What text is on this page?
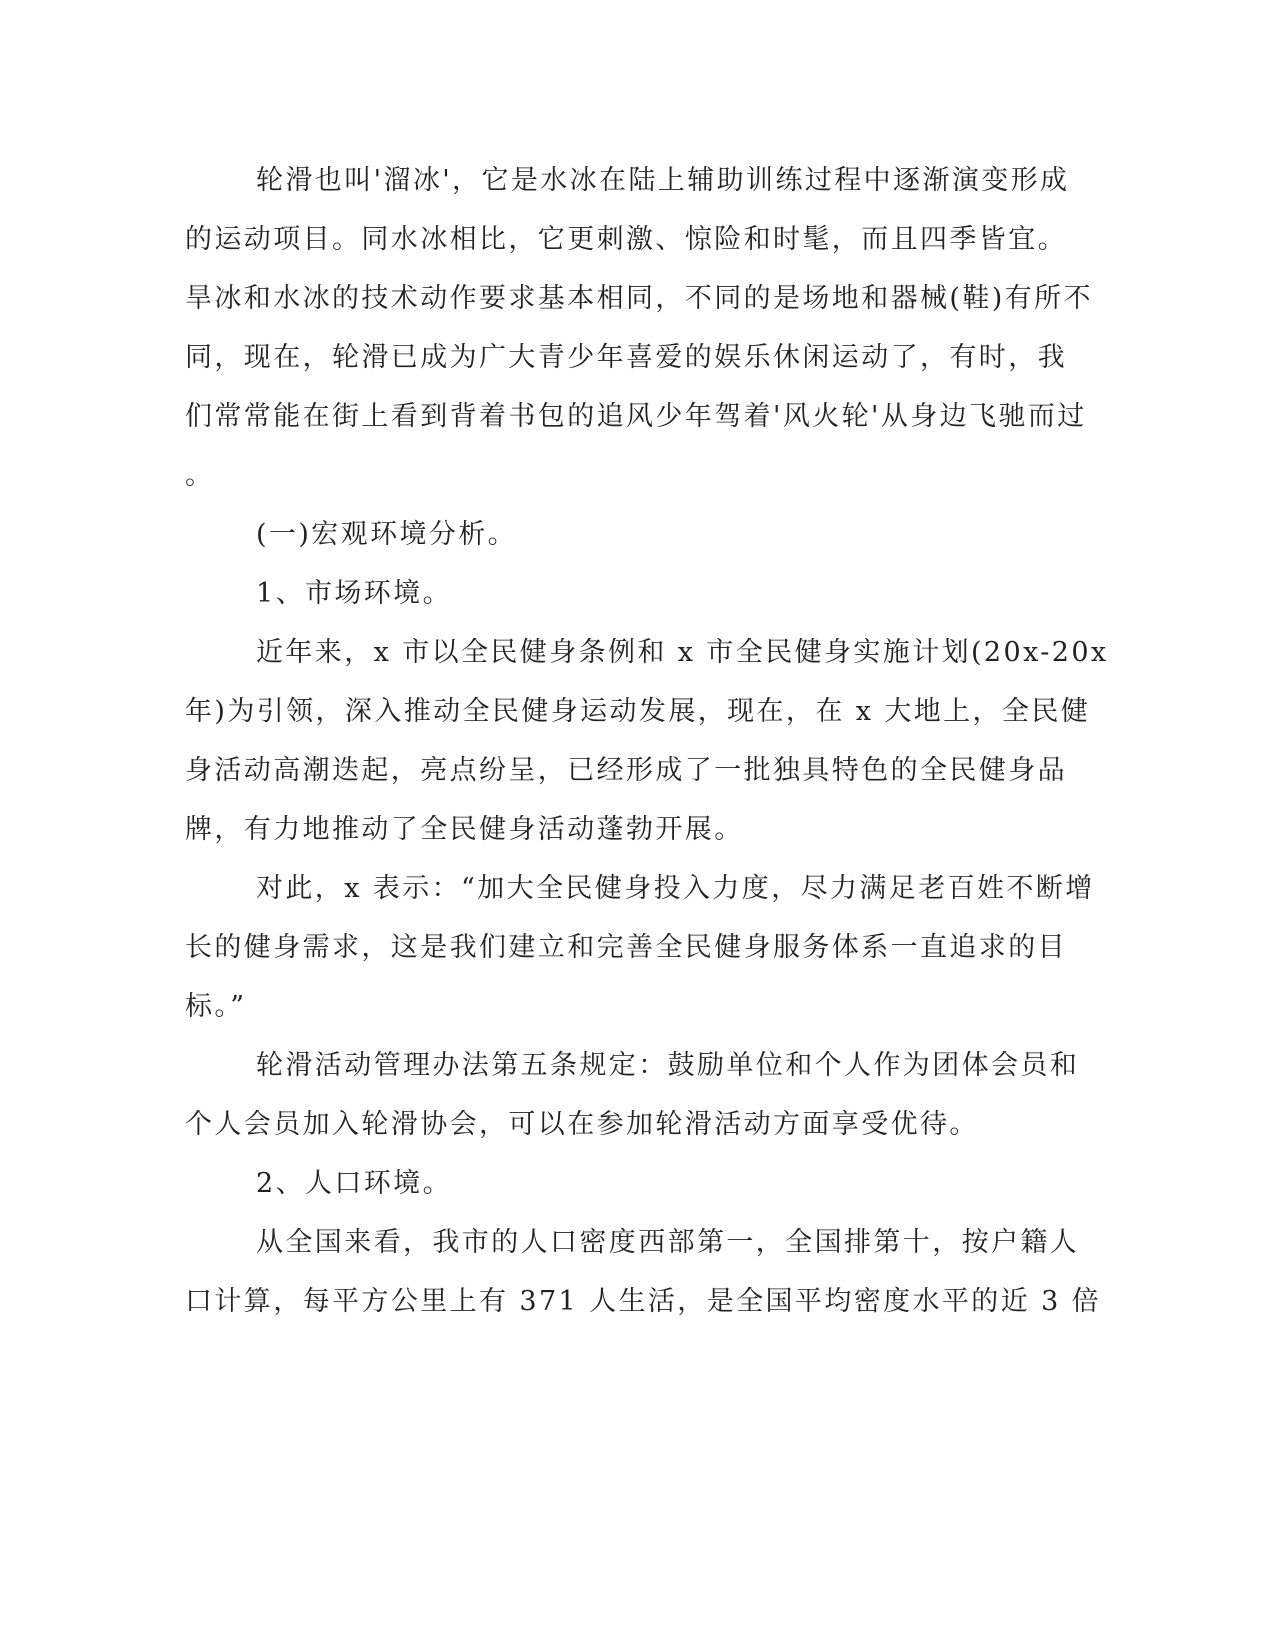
轮滑也叫'溜冰'，它是水冰在陆上辅助训练过程中逐渐演变形成
的运动项目。同水冰相比，它更刺激、惊险和时髦，而且四季皆宜。
旱冰和水冰的技术动作要求基本相同，不同的是场地和器械(鞋)有所不
同，现在，轮滑已成为广大青少年喜爱的娱乐休闲运动了，有时，我
们常常能在街上看到背着书包的追风少年驾着'风火轮'从身边飞驰而过
。
(一)宏观环境分析。
1、市场环境。
近年来，x 市以全民健身条例和 x 市全民健身实施计划(20x-20x
年)为引领，深入推动全民健身运动发展，现在，在 x 大地上，全民健
身活动高潮迭起，亮点纷呈，已经形成了一批独具特色的全民健身品
牌，有力地推动了全民健身活动蓬勃开展。
对此，x 表示：“加大全民健身投入力度，尽力满足老百姓不断增
长的健身需求，这是我们建立和完善全民健身服务体系一直追求的目
标。”
轮滑活动管理办法第五条规定：鼓励单位和个人作为团体会员和
个人会员加入轮滑协会，可以在参加轮滑活动方面享受优待。
2、人口环境。
从全国来看，我市的人口密度西部第一，全国排第十，按户籍人
口计算，每平方公里上有 371 人生活，是全国平均密度水平的近 3 倍
